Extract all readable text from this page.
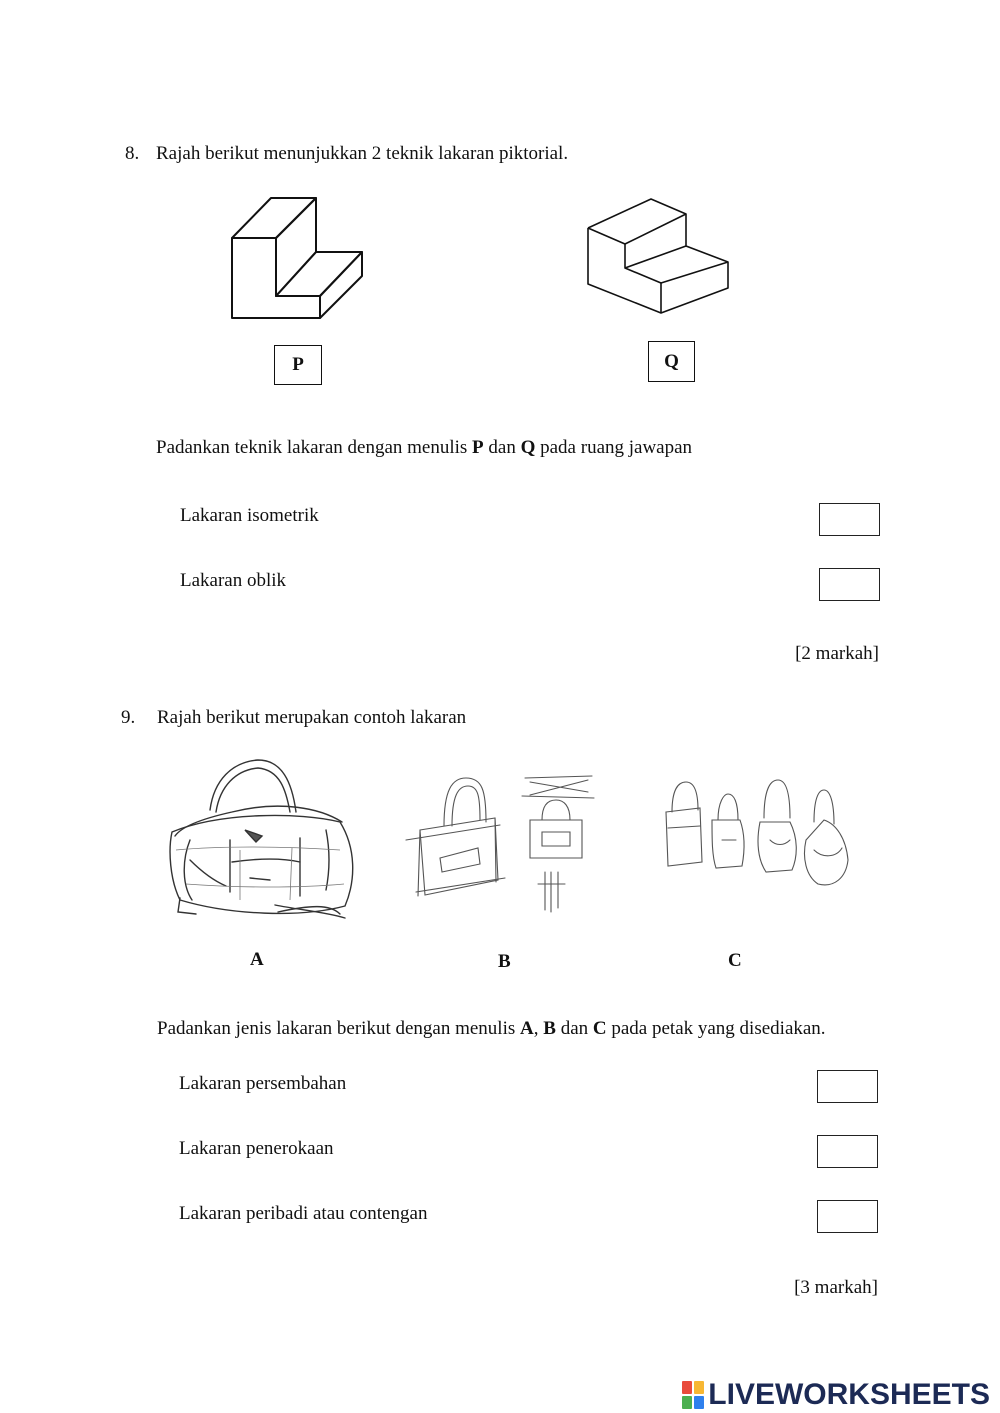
8. Rajah berikut menunjukkan 2 teknik lakaran piktorial.
P	Q
Padankan teknik lakaran dengan menulis P dan Q pada ruang jawapan
Lakaran isometrik
Lakaran oblik
[2 markah]
9. Rajah berikut merupakan contoh lakaran
A	B	C
Padankan jenis lakaran berikut dengan menulis A, B dan C pada petak yang disediakan.
Lakaran persembahan
Lakaran penerokaan
Lakaran peribadi atau contengan
[3 markah]
LIVE WORKSHEETS
